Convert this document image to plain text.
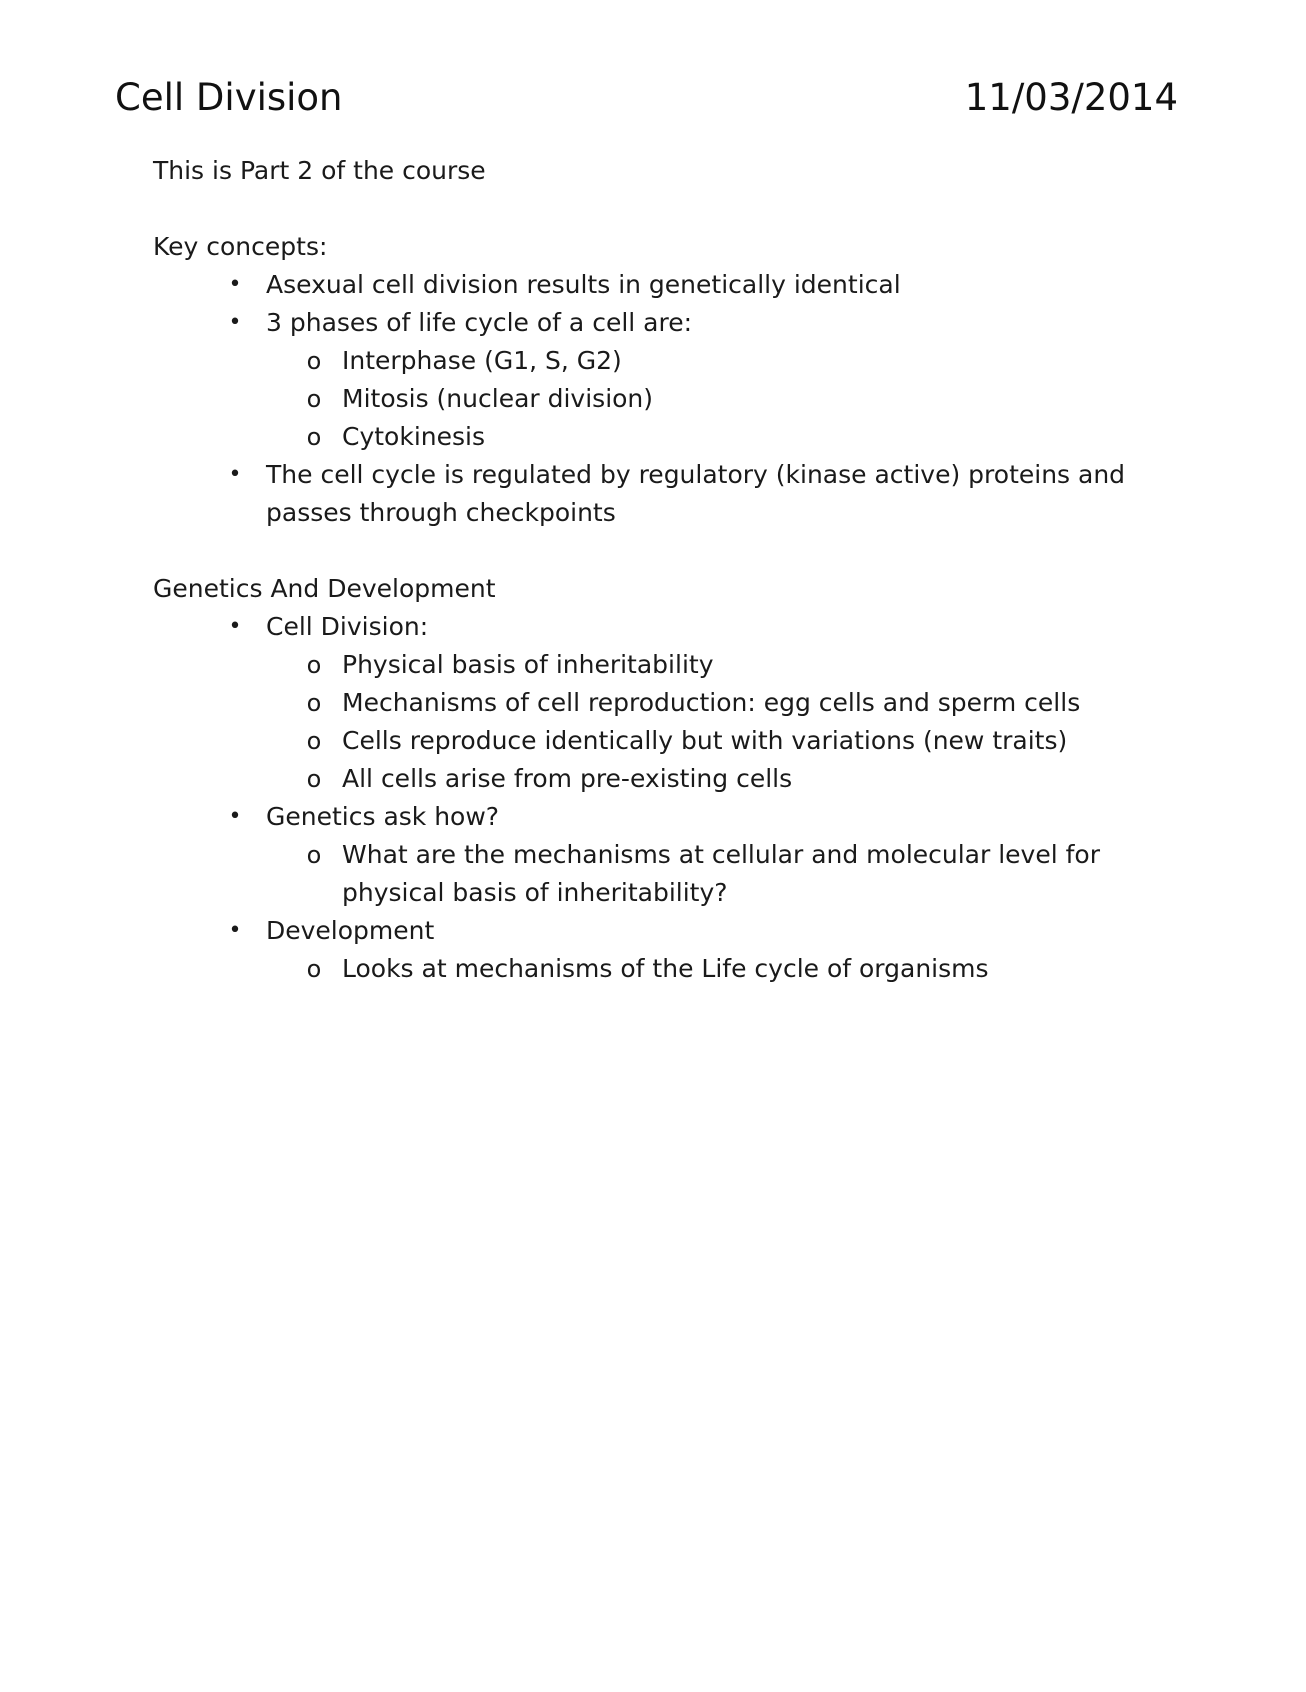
Cell Division	11/03/2014

This is Part 2 of the course

Key concepts:

• Asexual cell division results in genetically identical
• 3 phases of life cycle of a cell are:
o Interphase (G1, S, G2)
o Mitosis (nuclear division)
o Cytokinesis
• The cell cycle is regulated by regulatory (kinase active) proteins and passes through checkpoints

Genetics And Development

• Cell Division:
o Physical basis of inheritability
o Mechanisms of cell reproduction: egg cells and sperm cells
o Cells reproduce identically but with variations (new traits)
o All cells arise from pre-existing cells
• Genetics ask how?
o What are the mechanisms at cellular and molecular level for physical basis of inheritability?
• Development
o Looks at mechanisms of the Life cycle of organisms
